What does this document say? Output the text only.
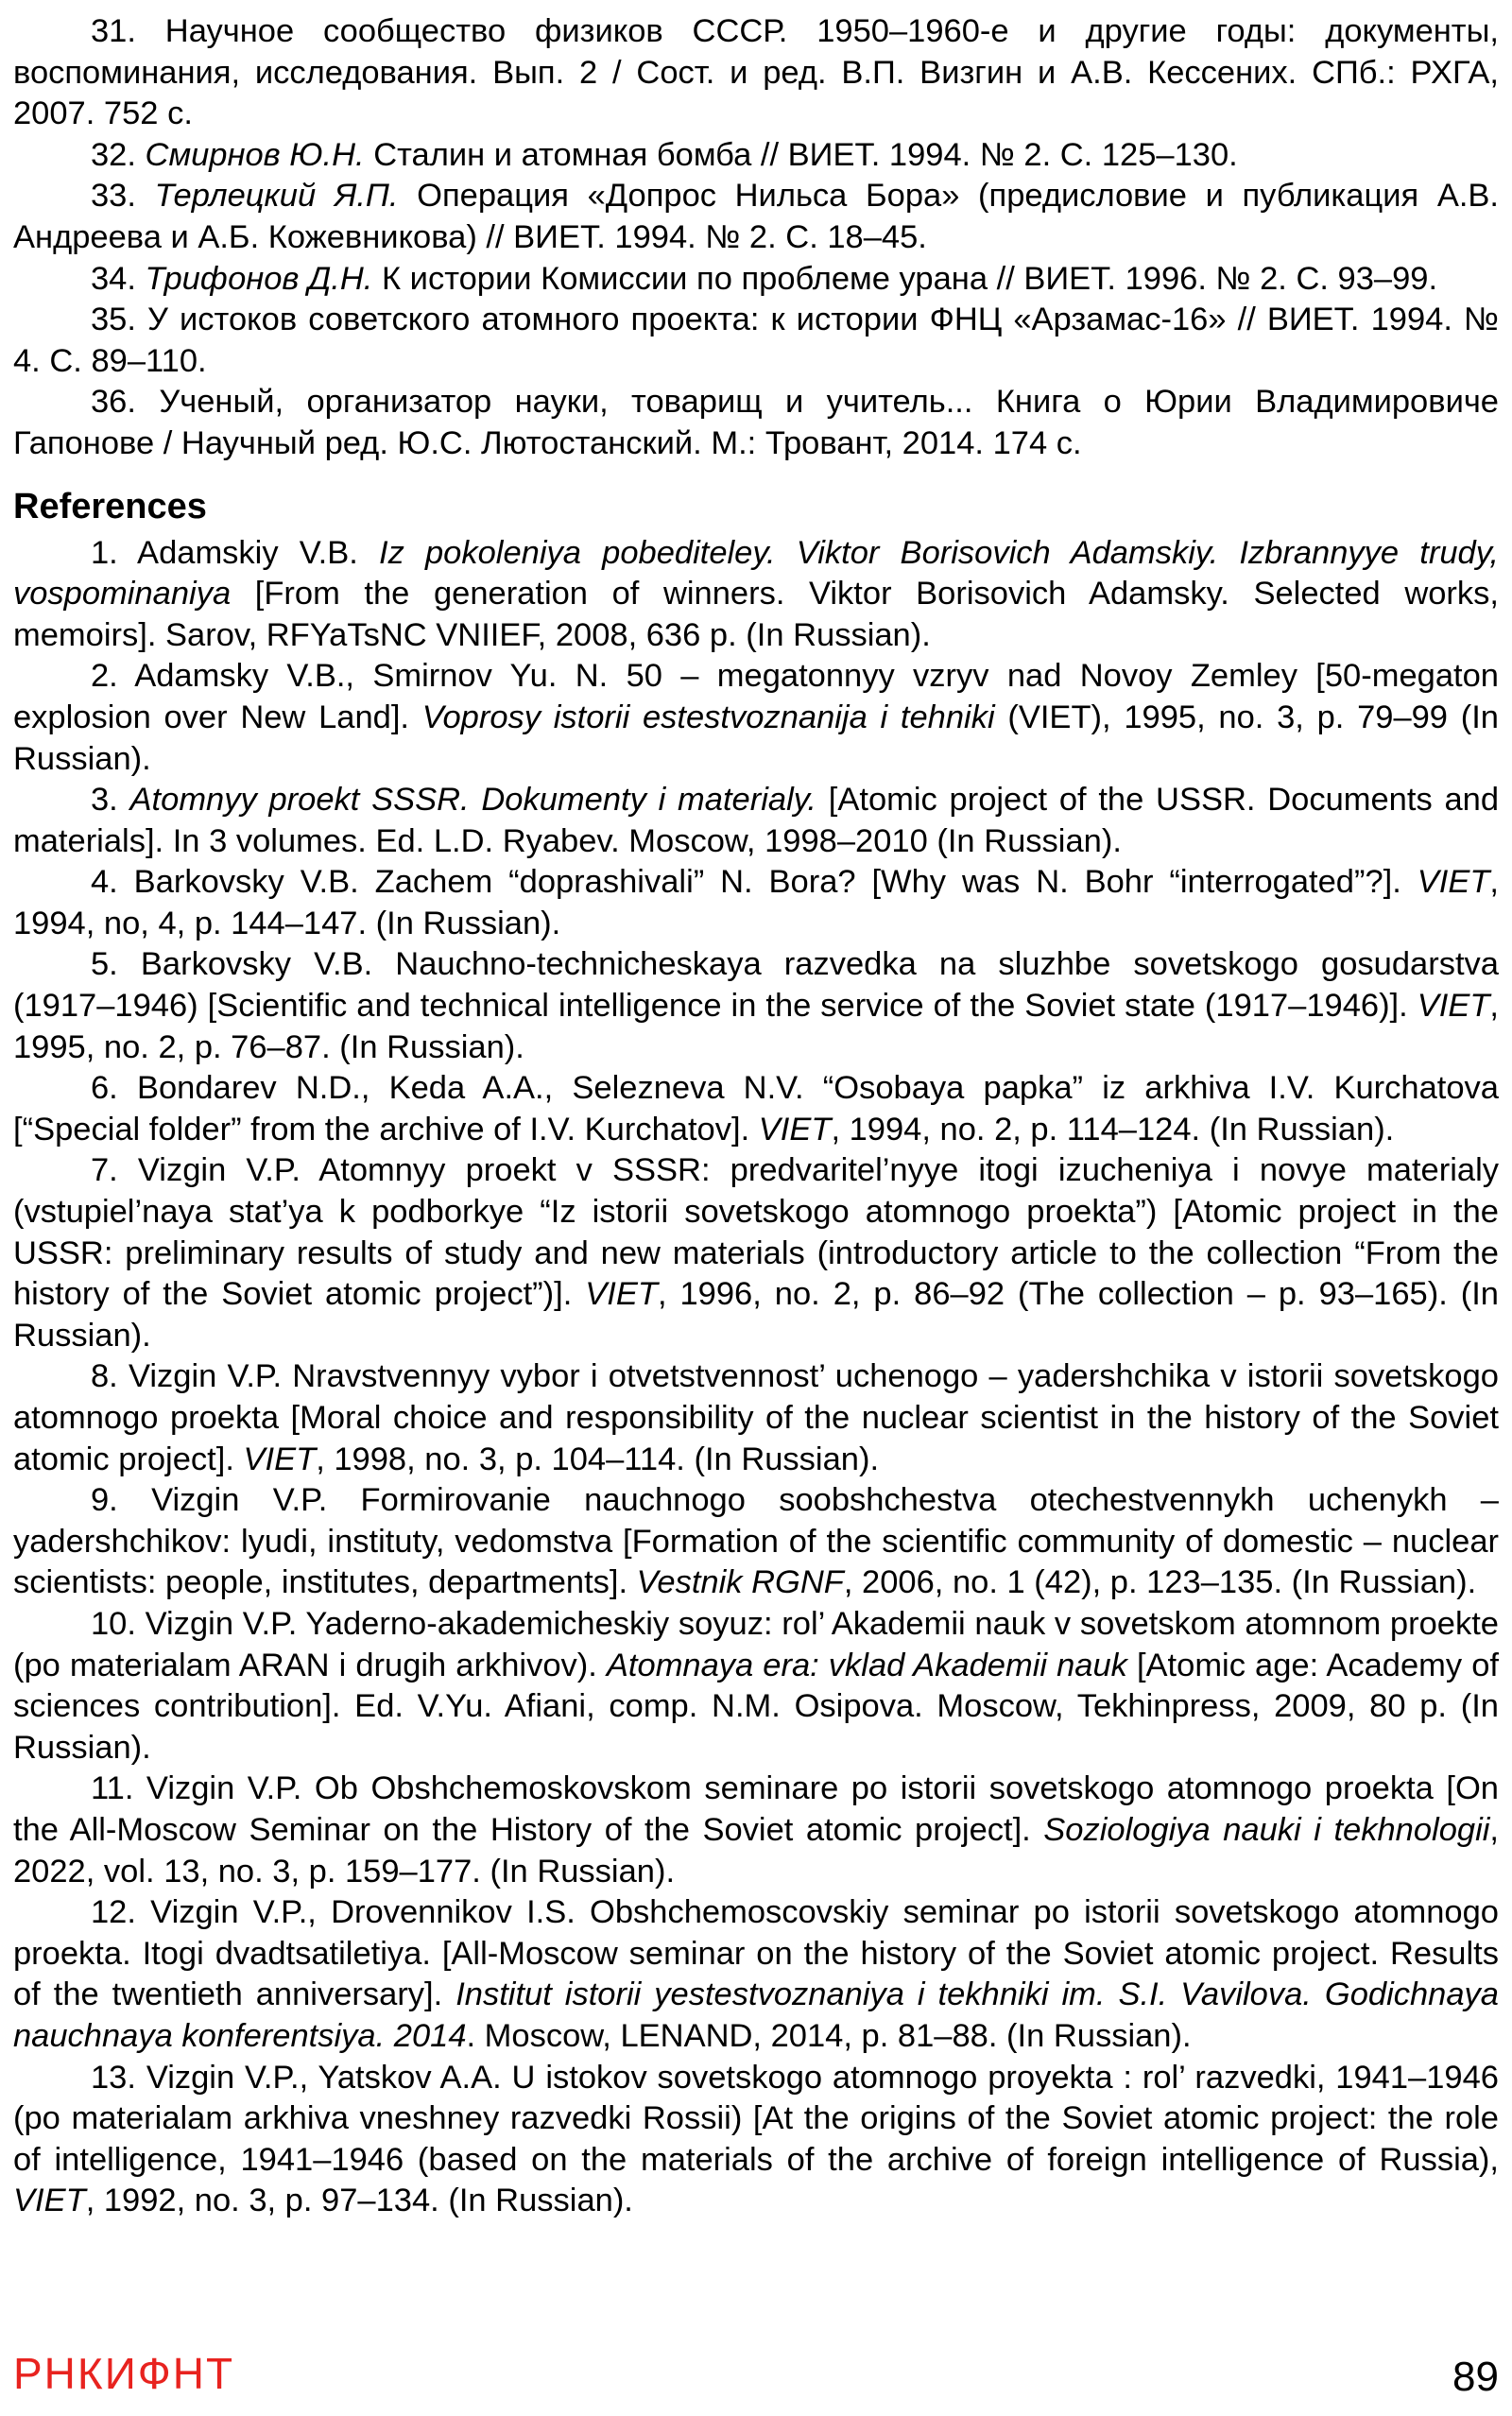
31. Научное сообщество физиков СССР. 1950–1960-е и другие годы: документы, воспоминания, исследования. Вып. 2 / Сост. и ред. В.П. Визгин и А.В. Кессених. СПб.: РХГА, 2007. 752 с.

32. Смирнов Ю.Н. Сталин и атомная бомба // ВИЕТ. 1994. № 2. С. 125–130.

33. Терлецкий Я.П. Операция «Допрос Нильса Бора» (предисловие и публикация А.В. Андреева и А.Б. Кожевникова) // ВИЕТ. 1994. № 2. С. 18–45.

34. Трифонов Д.Н. К истории Комиссии по проблеме урана // ВИЕТ. 1996. № 2. С. 93–99.

35. У истоков советского атомного проекта: к истории ФНЦ «Арзамас-16» // ВИЕТ. 1994. № 4. С. 89–110.

36. Ученый, организатор науки, товарищ и учитель... Книга о Юрии Владимировиче Гапонове / Научный ред. Ю.С. Лютостанский. М.: Тровант, 2014. 174 с.

References

1. Adamskiy V.B. Iz pokoleniya pobediteley. Viktor Borisovich Adamskiy. Izbrannyye trudy, vospominaniya [From the generation of winners. Viktor Borisovich Adamsky. Selected works, memoirs]. Sarov, RFYaTsNC VNIIEF, 2008, 636 p. (In Russian).

2. Adamsky V.B., Smirnov Yu. N. 50 – megatonnyy vzryv nad Novoy Zemley [50-megaton explosion over New Land]. Voprosy istorii estestvoznanija i tehniki (VIET), 1995, no. 3, p. 79–99 (In Russian).

3. Atomnyy proekt SSSR. Dokumenty i materialy. [Atomic project of the USSR. Documents and materials]. In 3 volumes. Ed. L.D. Ryabev. Moscow, 1998–2010 (In Russian).

4. Barkovsky V.B. Zachem “doprashivali” N. Bora? [Why was N. Bohr “interrogated”?]. VIET, 1994, no, 4, p. 144–147. (In Russian).

5. Barkovsky V.B. Nauchno-technicheskaya razvedka na sluzhbe sovetskogo gosudarstva (1917–1946) [Scientific and technical intelligence in the service of the Soviet state (1917–1946)]. VIET, 1995, no. 2, p. 76–87. (In Russian).

6. Bondarev N.D., Keda A.A., Selezneva N.V. “Osobaya papka” iz arkhiva I.V. Kurchatova [“Special folder” from the archive of I.V. Kurchatov]. VIET, 1994, no. 2, p. 114–124. (In Russian).

7. Vizgin V.P. Atomnyy proekt v SSSR: predvaritel’nyye itogi izucheniya i novye materialy (vstupiel’naya stat’ya k podborkye “Iz istorii sovetskogo atomnogo proekta”) [Atomic project in the USSR: preliminary results of study and new materials (introductory article to the collection “From the history of the Soviet atomic project”)]. VIET, 1996, no. 2, p. 86–92 (The collection – p. 93–165). (In Russian).

8. Vizgin V.P. Nravstvennyy vybor i otvetstvennost’ uchenogo – yadershchika v istorii sovetskogo atomnogo proekta [Moral choice and responsibility of the nuclear scientist in the history of the Soviet atomic project]. VIET, 1998, no. 3, p. 104–114. (In Russian).

9. Vizgin V.P. Formirovanie nauchnogo soobshchestva otechestvennykh uchenykh – yadershchikov: lyudi, instituty, vedomstva [Formation of the scientific community of domestic – nuclear scientists: people, institutes, departments]. Vestnik RGNF, 2006, no. 1 (42), p. 123–135. (In Russian).

10. Vizgin V.P. Yaderno-akademicheskiy soyuz: rol’ Akademii nauk v sovetskom atomnom proekte (po materialam ARAN i drugih arkhivov). Atomnaya era: vklad Akademii nauk [Atomic age: Academy of sciences contribution]. Ed. V.Yu. Afiani, comp. N.M. Osipova. Moscow, Tekhinpress, 2009, 80 p. (In Russian).

11. Vizgin V.P. Ob Obshchemoskovskom seminare po istorii sovetskogo atomnogo proekta [On the All-Moscow Seminar on the History of the Soviet atomic project]. Soziologiya nauki i tekhnologii, 2022, vol. 13, no. 3, p. 159–177. (In Russian).

12. Vizgin V.P., Drovennikov I.S. Obshchemoscovskiy seminar po istorii sovetskogo atomnogo proekta. Itogi dvadtsatiletiya. [All-Moscow seminar on the history of the Soviet atomic project. Results of the twentieth anniversary]. Institut istorii yestestvoznaniya i tekhniki im. S.I. Vavilova. Godichnaya nauchnaya konferentsiya. 2014. Moscow, LENAND, 2014, p. 81–88. (In Russian).

13. Vizgin V.P., Yatskov A.A. U istokov sovetskogo atomnogo proyekta : rol’ razvedki, 1941–1946 (po materialam arkhiva vneshney razvedki Rossii) [At the origins of the Soviet atomic project: the role of intelligence, 1941–1946 (based on the materials of the archive of foreign intelligence of Russia), VIET, 1992, no. 3, p. 97–134. (In Russian).

РНКИФНТ	89
